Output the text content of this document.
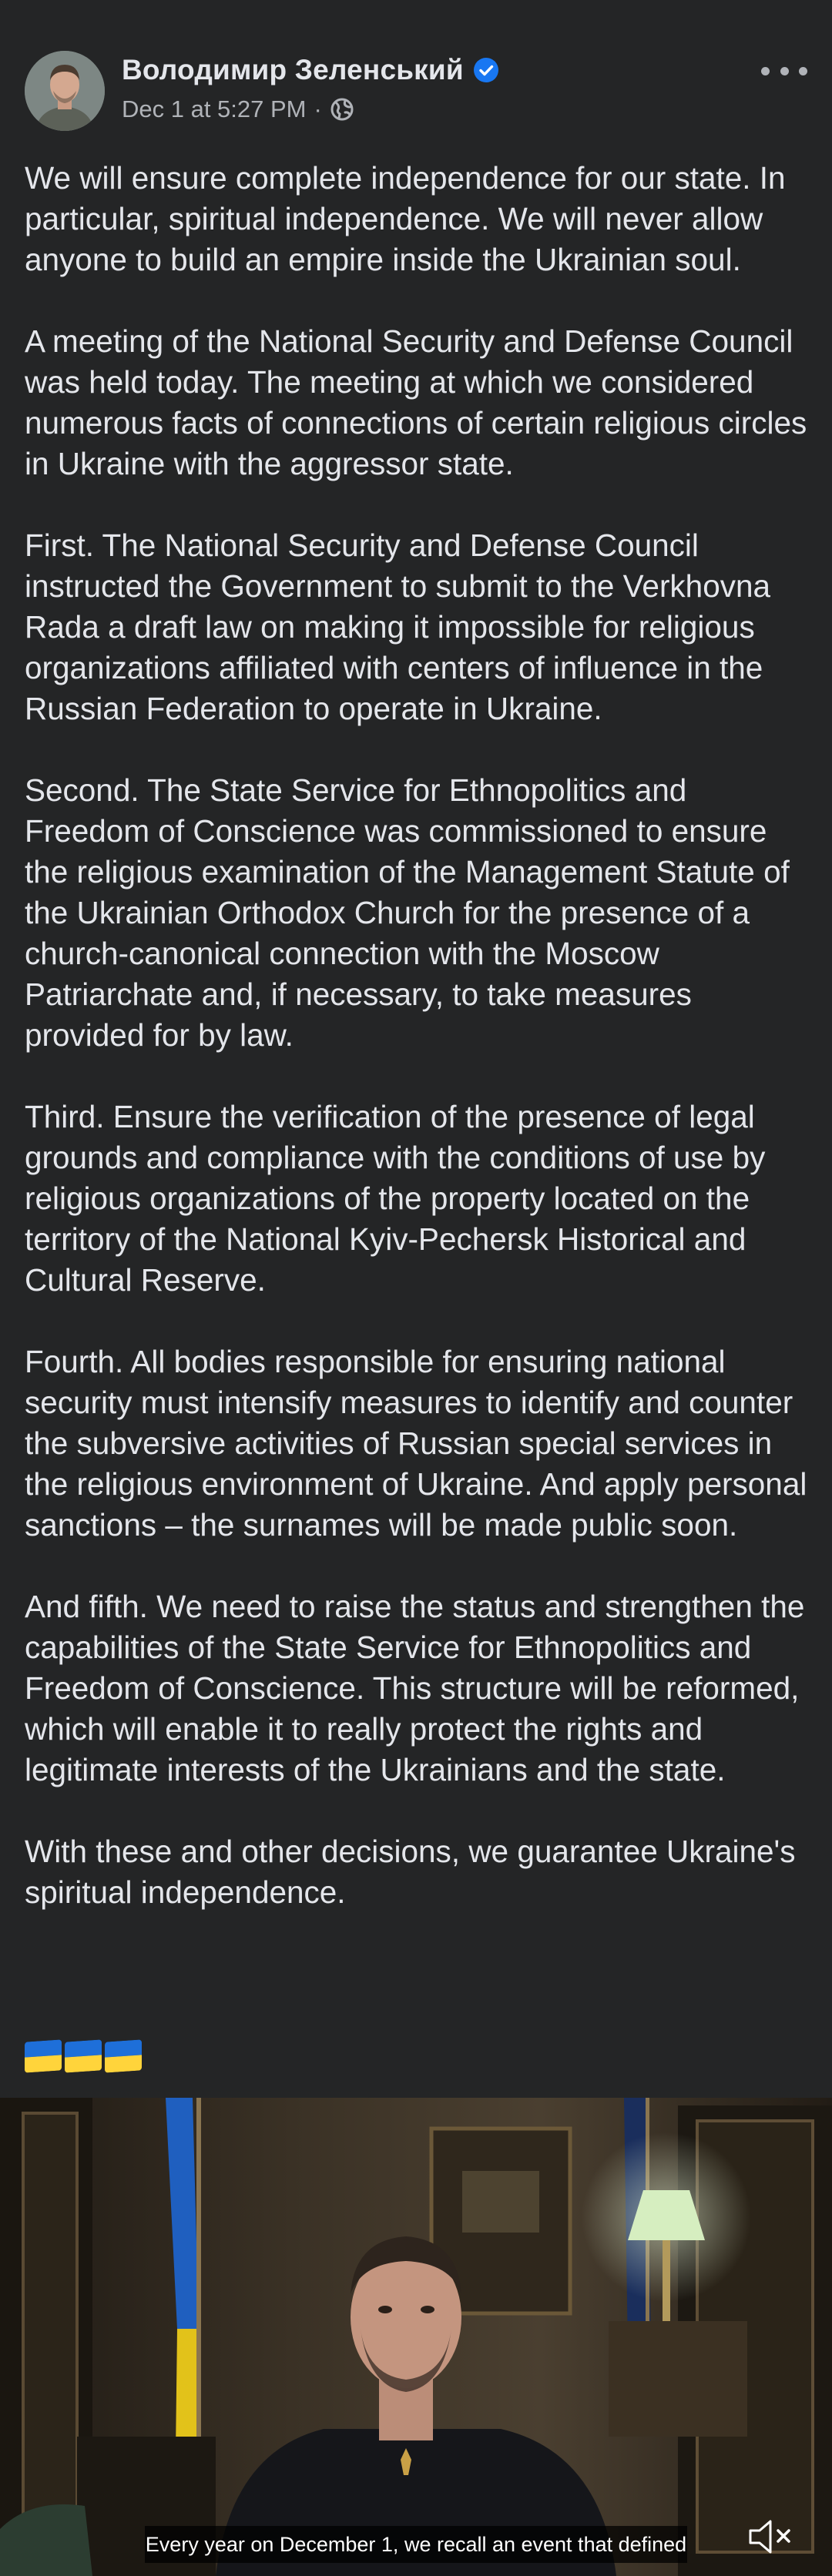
Володимир Зеленський
Dec 1 at 5:27 PM ·

We will ensure complete independence for our state. In particular, spiritual independence. We will never allow anyone to build an empire inside the Ukrainian soul.

A meeting of the National Security and Defense Council was held today. The meeting at which we considered numerous facts of connections of certain religious circles in Ukraine with the aggressor state.

First. The National Security and Defense Council instructed the Government to submit to the Verkhovna Rada a draft law on making it impossible for religious organizations affiliated with centers of influence in the Russian Federation to operate in Ukraine.

Second. The State Service for Ethnopolitics and Freedom of Conscience was commissioned to ensure the religious examination of the Management Statute of the Ukrainian Orthodox Church for the presence of a church-canonical connection with the Moscow Patriarchate and, if necessary, to take measures provided for by law.

Third. Ensure the verification of the presence of legal grounds and compliance with the conditions of use by religious organizations of the property located on the territory of the National Kyiv-Pechersk Historical and Cultural Reserve.

Fourth. All bodies responsible for ensuring national security must intensify measures to identify and counter the subversive activities of Russian special services in the religious environment of Ukraine. And apply personal sanctions – the surnames will be made public soon.

And fifth. We need to raise the status and strengthen the capabilities of the State Service for Ethnopolitics and Freedom of Conscience. This structure will be reformed, which will enable it to really protect the rights and legitimate interests of the Ukrainians and the state.

With these and other decisions, we guarantee Ukraine's spiritual independence.

Every year on December 1, we recall an event that defined
